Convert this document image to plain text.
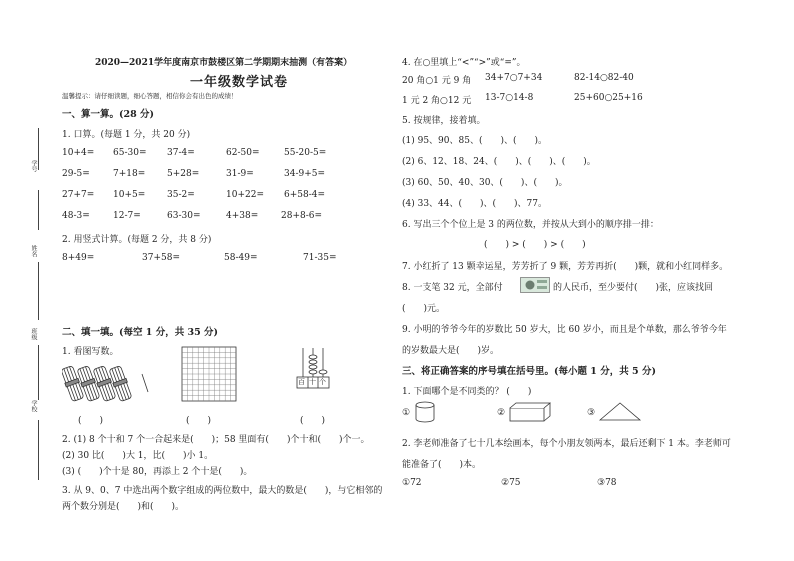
学号
姓名
班级
学校
2020—2021学年度南京市鼓楼区第二学期期末抽测（有答案）
一年级数学试卷
温馨提示：请仔细读题，细心答题，相信你会有出色的成绩！
一、算一算。(28 分)
1. 口算。(每题 1 分，共 20 分)
10+4= 65-30= 37-4=	62-50=	55-20-5=
29-5=	7+18= 5+28=	31-9=	34-9+5=
27+7= 10+5= 35-2=	10+22= 6+58-4=
48-3=	12-7=	63-30=	4+38=	28+8-6=
2. 用竖式计算。(每题 2 分，共 8 分)
8+49=	37+58=	58-49=	71-35=
二、填一填。(每空 1 分，共 35 分)
1. 看图写数。
百 十 个
(　　)	(　　)	(　　)
2. (1) 8 个十和 7 个一合起来是(　　)；58 里面有(　　)个十和(　　)个一。
(2) 30 比(　　)大 1，比(　　)小 1。
(3) (　　)个十是 80，再添上 2 个十是(　　)。
3. 从 9、0、7 中选出两个数字组成的两位数中，最大的数是(　　)，与它相邻的
两个数分别是(　　)和(　　)。
4. 在○里填上“<”“>”或“=”。
20 角○1 元 9 角 34+7○7+34	82-14○82-40
1 元 2 角○12 元 13-7○14-8	25+60○25+16
5. 按规律，接着填。
(1) 95、90、85、(　　)、(　　)。
(2) 6、12、18、24、(　　)、(　　)、(　　)。
(3) 60、50、40、30、(　　)、(　　)。
(4) 33、44、(　　)、(　　)、77。
6. 写出三个个位上是 3 的两位数，并按从大到小的顺序排一排：
(　　) > (　　) > (　　)
7. 小红折了 13 颗幸运星，芳芳折了 9 颗，芳芳再折(　　)颗，就和小红同样多。
8. 一支笔 32 元，全部付	的人民币，至少要付(　　)张，应该找回
(　　)元。
9. 小明的爷爷今年的岁数比 50 岁大，比 60 岁小，而且是个单数，那么爷爷今年
的岁数最大是(　　)岁。
三、将正确答案的序号填在括号里。(每小题 1 分，共 5 分)
1. 下面哪个是不同类的？ (　　)
①	②	③
2. 李老师准备了七十几本绘画本，每个小朋友领两本，最后还剩下 1 本。李老师可
能准备了(　　)本。
①72	②75	③78
